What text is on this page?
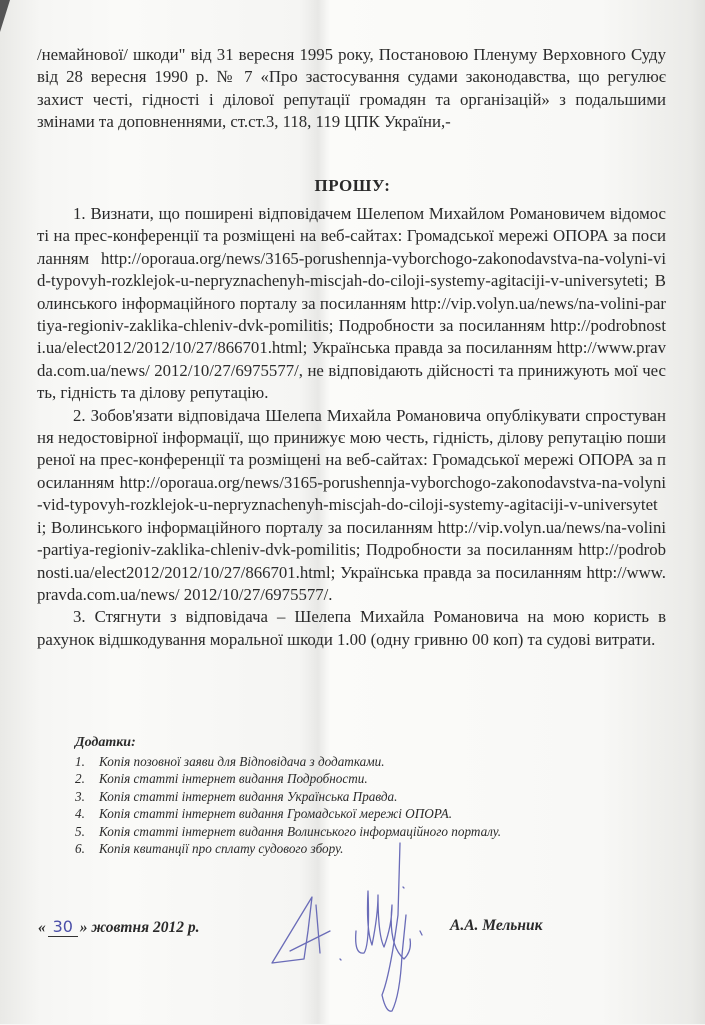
/немайнової/ шкоди" від 31 вересня 1995 року, Постановою Пленуму Верховного Суду від 28 вересня 1990 р. № 7 «Про застосування судами законодавства, що регулює захист честі, гідності і ділової репутації громадян та організацій» з подальшими змінами та доповненнями, ст.ст.3, 118, 119 ЦПК України,-

ПРОШУ:

1. Визнати, що поширені відповідачем Шелепом Михайлом Романовичем відомості на прес-конференції та розміщені на веб-сайтах: Громадської мережі ОПОРА за посиланням http://oporaua.org/news/3165-porushennja-vyborchogo-zakonodavstva-na-volyni-vid-typovyh-rozklejok-u-nepryznachenyh-miscjah-do-ciloji-systemy-agitaciji-v-universyteti; Волинського інформаційного порталу за посиланням http://vip.volyn.ua/news/na-volini-partiya-regioniv-zaklika-chleniv-dvk-pomilitis; Подробности за посиланням http://podrobnosti.ua/elect2012/2012/10/27/866701.html; Українська правда за посиланням http://www.pravda.com.ua/news/ 2012/10/27/6975577/, не відповідають дійсності та принижують мої честь, гідність та ділову репутацію.

2. Зобов'язати відповідача Шелепа Михайла Романовича опублікувати спростування недостовірної інформації, що принижує мою честь, гідність, ділову репутацію поширеної на прес-конференції та розміщені на веб-сайтах: Громадської мережі ОПОРА за посиланням http://oporaua.org/news/3165-porushennja-vyborchogo-zakonodavstva-na-volyni-vid-typovyh-rozklejok-u-nepryznachenyh-miscjah-do-ciloji-systemy-agitaciji-v-universyteti; Волинського інформаційного порталу за посиланням http://vip.volyn.ua/news/na-volini-partiya-regioniv-zaklika-chleniv-dvk-pomilitis; Подробности за посиланням http://podrobnosti.ua/elect2012/2012/10/27/866701.html; Українська правда за посиланням http://www.pravda.com.ua/news/ 2012/10/27/6975577/.

3. Стягнути з відповідача – Шелепа Михайла Романовича на мою користь в рахунок відшкодування моральної шкоди 1.00 (одну гривню 00 коп) та судові витрати.

Додатки:
1.	Копія позовної заяви для Відповідача з додатками.
2.	Копія статті інтернет видання Подробности.
3.	Копія статті інтернет видання Українська Правда.
4.	Копія статті інтернет видання Громадської мережі ОПОРА.
5.	Копія статті інтернет видання Волинського інформаційного порталу.
6.	Копія квитанції про сплату судового збору.
« 30 » жовтня 2012 р.	А.А. Мельник
